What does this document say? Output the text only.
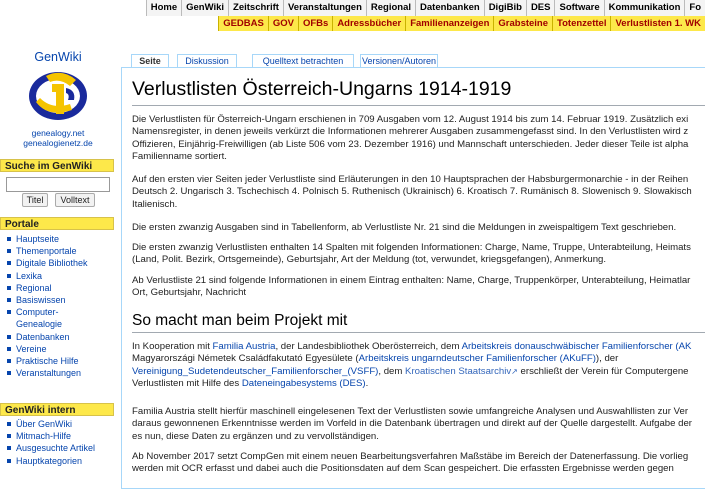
Home GenWiki Zeitschrift Veranstaltungen Regional Datenbanken DigiBib DES Software Kommunikation Fo
GEDBAS GOV OFBs Adressbücher Familienanzeigen Grabsteine Totenzettel Verlustlisten 1. WK
GenWiki
genealogy.net
genealogienetz.de
Suche im GenWiki
Titel	Volltext
Portale
Hauptseite
Themenportale
Digitale Bibliothek
Lexika
Regional
Basiswissen
Computer-
Genealogie
Datenbanken
Vereine
Praktische Hilfe
Veranstaltungen
GenWiki intern
Über GenWiki
Mitmach-Hilfe
Ausgesuchte Artikel
Hauptkategorien
Seite	Diskussion	Quelltext betrachten	Versionen/Autoren
Verlustlisten Österreich-Ungarns 1914-1919

Die Verlustlisten für Österreich-Ungarn erschienen in 709 Ausgaben vom 12. August 1914 bis zum 14. Februar 1919. Zusätzlich exi
Namensregister, in denen jeweils verkürzt die Informationen mehrerer Ausgaben zusammengefasst sind. In den Verlustlisten wird z
Offizieren, Einjährig-Freiwilligen (ab Liste 506 vom 23. Dezember 1916) und Mannschaft unterschieden. Jeder dieser Teile ist alpha
Familienname sortiert.

Auf den ersten vier Seiten jeder Verlustliste sind Erläuterungen in den 10 Hauptsprachen der Habsburgermonarchie - in der Reihen
Deutsch 2. Ungarisch 3. Tschechisch 4. Polnisch 5. Ruthenisch (Ukrainisch) 6. Kroatisch 7. Rumänisch 8. Slowenisch 9. Slowakisch
Italienisch.

Die ersten zwanzig Ausgaben sind in Tabellenform, ab Verlustliste Nr. 21 sind die Meldungen in zweispaltigem Text geschrieben.

Die ersten zwanzig Verlustlisten enthalten 14 Spalten mit folgenden Informationen: Charge, Name, Truppe, Unterabteilung, Heimats
(Land, Polit. Bezirk, Ortsgemeinde), Geburtsjahr, Art der Meldung (tot, verwundet, kriegsgefangen), Anmerkung.

Ab Verlustliste 21 sind folgende Informationen in einem Eintrag enthalten: Name, Charge, Truppenkörper, Unterabteilung, Heimatlar
Ort, Geburtsjahr, Nachricht

So macht man beim Projekt mit

In Kooperation mit Familia Austria, der Landesbibliothek Oberösterreich, dem Arbeitskreis donauschwäbischer Familienforscher (AK
Magyarországi Németek Családfakutató Egyesülete (Arbeitskreis ungarndeutscher Familienforscher (AKuFF)), der
Vereinigung_Sudetendeutscher_Familienforscher_(VSFF), dem Kroatischen Staatsarchiv↗ erschließt der Verein für Computergene
Verlustlisten mit Hilfe des Dateneingabesystems (DES).

Familia Austria stellt hierfür maschinell eingelesenen Text der Verlustlisten sowie umfangreiche Analysen und Auswahllisten zur Ver
daraus gewonnenen Erkenntnisse werden im Vorfeld in die Datenbank übertragen und direkt auf der Quelle dargestellt. Aufgabe der
es nun, diese Daten zu ergänzen und zu vervollständigen.

Ab November 2017 setzt CompGen mit einem neuen Bearbeitungsverfahren Maßstäbe im Bereich der Datenerfassung. Die vorlieg
werden mit OCR erfasst und dabei auch die Positionsdaten auf dem Scan gespeichert. Die erfassten Ergebnisse werden gegen
